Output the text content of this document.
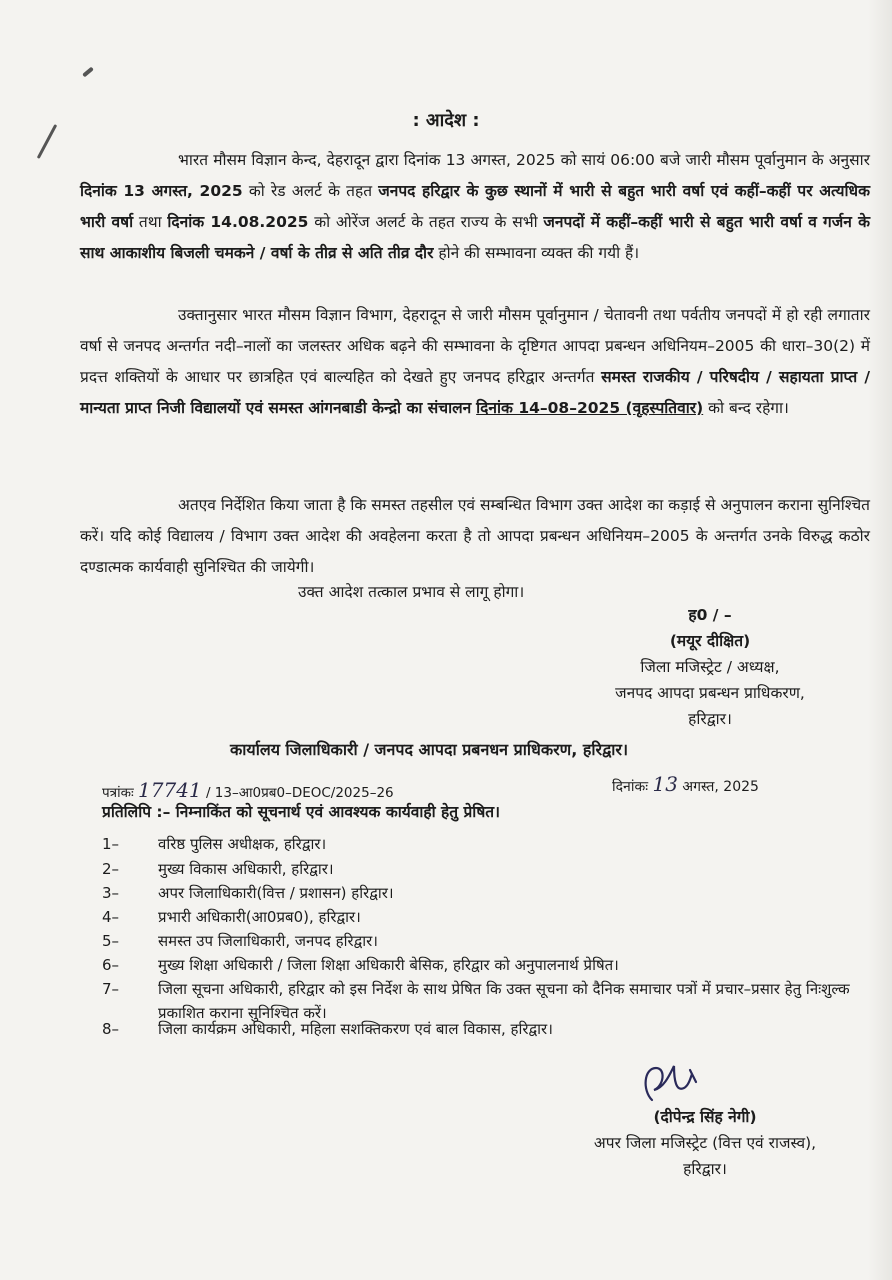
: आदेश :
भारत मौसम विज्ञान केन्द, देहरादून द्वारा दिनांक 13 अगस्त, 2025 को सायं 06:00 बजे जारी मौसम पूर्वानुमान के अनुसार दिनांक 13 अगस्त, 2025 को रेड अलर्ट के तहत जनपद हरिद्वार के कुछ स्थानों में भारी से बहुत भारी वर्षा एवं कहीं–कहीं पर अत्यधिक भारी वर्षा तथा दिनांक 14.08.2025 को ओरेंज अलर्ट के तहत राज्य के सभी जनपदों में कहीं–कहीं भारी से बहुत भारी वर्षा व गर्जन के साथ आकाशीय बिजली चमकने / वर्षा के तीव्र से अति तीव्र दौर होने की सम्भावना व्यक्त की गयी हैं।
उक्तानुसार भारत मौसम विज्ञान विभाग, देहरादून से जारी मौसम पूर्वानुमान / चेतावनी तथा पर्वतीय जनपदों में हो रही लगातार वर्षा से जनपद अन्तर्गत नदी–नालों का जलस्तर अधिक बढ़ने की सम्भावना के दृष्टिगत आपदा प्रबन्धन अधिनियम–2005 की धारा–30(2) में प्रदत्त शक्तियों के आधार पर छात्रहित एवं बाल्यहित को देखते हुए जनपद हरिद्वार अन्तर्गत समस्त राजकीय / परिषदीय / सहायता प्राप्त / मान्यता प्राप्त निजी विद्यालयों एवं समस्त आंगनबाडी केन्द्रो का संचालन दिनांक 14–08–2025 (वृहस्पतिवार) को बन्द रहेगा।
अतएव निर्देशित किया जाता है कि समस्त तहसील एवं सम्बन्धित विभाग उक्त आदेश का कड़ाई से अनुपालन कराना सुनिश्चित करें। यदि कोई विद्यालय / विभाग उक्त आदेश की अवहेलना करता है तो आपदा प्रबन्धन अधिनियम–2005 के अन्तर्गत उनके विरुद्ध कठोर दण्डात्मक कार्यवाही सुनिश्चित की जायेगी।
उक्त आदेश तत्काल प्रभाव से लागू होगा।
ह0 / –
(मयूर दीक्षित)
जिला मजिस्ट्रेट / अध्यक्ष,
जनपद आपदा प्रबन्धन प्राधिकरण,
हरिद्वार।
कार्यालय जिलाधिकारी / जनपद आपदा प्रबनधन प्राधिकरण, हरिद्वार।
पत्रांकः 17741 / 13–आ0प्रब0–DEOC/2025–26	दिनांकः 13 अगस्त, 2025
प्रतिलिपि :– निम्नाकिंत को सूचनार्थ एवं आवश्यक कार्यवाही हेतु प्रेषित।
1–	वरिष्ठ पुलिस अधीक्षक, हरिद्वार।
2–	मुख्य विकास अधिकारी, हरिद्वार।
3–	अपर जिलाधिकारी(वित्त / प्रशासन) हरिद्वार।
4–	प्रभारी अधिकारी(आ0प्रब0), हरिद्वार।
5–	समस्त उप जिलाधिकारी, जनपद हरिद्वार।
6–	मुख्य शिक्षा अधिकारी / जिला शिक्षा अधिकारी बेसिक, हरिद्वार को अनुपालनार्थ प्रेषित।
7–	जिला सूचना अधिकारी, हरिद्वार को इस निर्देश के साथ प्रेषित कि उक्त सूचना को दैनिक समाचार पत्रों में प्रचार–प्रसार हेतु निःशुल्क प्रकाशित कराना सुनिश्चित करें।
8–	जिला कार्यक्रम अधिकारी, महिला सशक्तिकरण एवं बाल विकास, हरिद्वार।
(दीपेन्द्र सिंह नेगी)
अपर जिला मजिस्ट्रेट (वित्त एवं राजस्व),
हरिद्वार।
